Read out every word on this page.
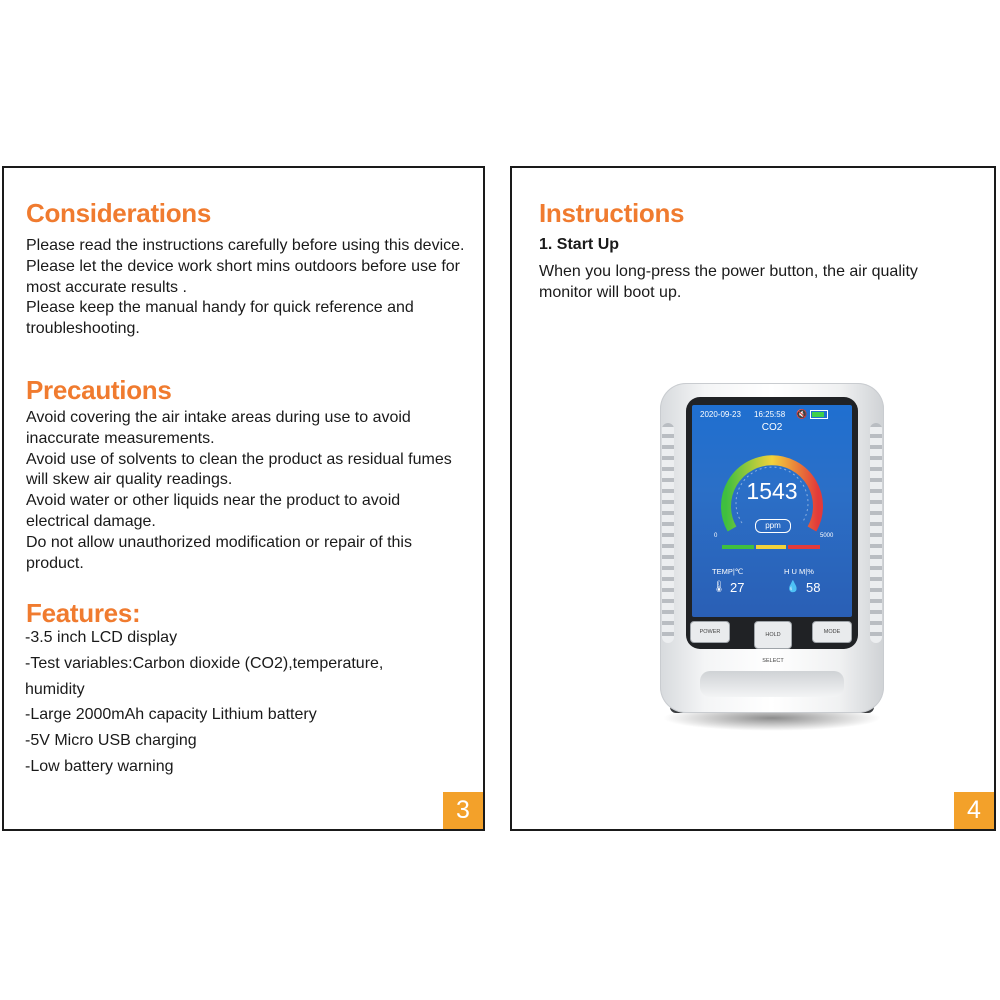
Considerations

Please read the instructions carefully before using this device.

Please let the device work short mins outdoors before use for most accurate results .

Please keep the manual handy for quick reference and troubleshooting.

Precautions

Avoid covering the air intake areas during use to avoid inaccurate measurements.

Avoid use of solvents to clean the product as residual fumes will skew air quality readings.

Avoid water or other liquids near the product to avoid electrical damage.

Do not allow unauthorized modification or repair of this product.

Features:
-3.5 inch LCD display
-Test variables:Carbon dioxide (CO2),temperature, humidity
-Large 2000mAh capacity Lithium battery
-5V Micro USB charging
-Low battery warning
3
Instructions
1. Start Up
When you long-press the power button, the air quality monitor will boot up.
2020-09-23 16:25:58 🔇
CO2
1543
ppm
0	5000
TEMP|℃	H U M|%
🌡 27	💧 58
POWER	HOLD SELECT
MODE
4
